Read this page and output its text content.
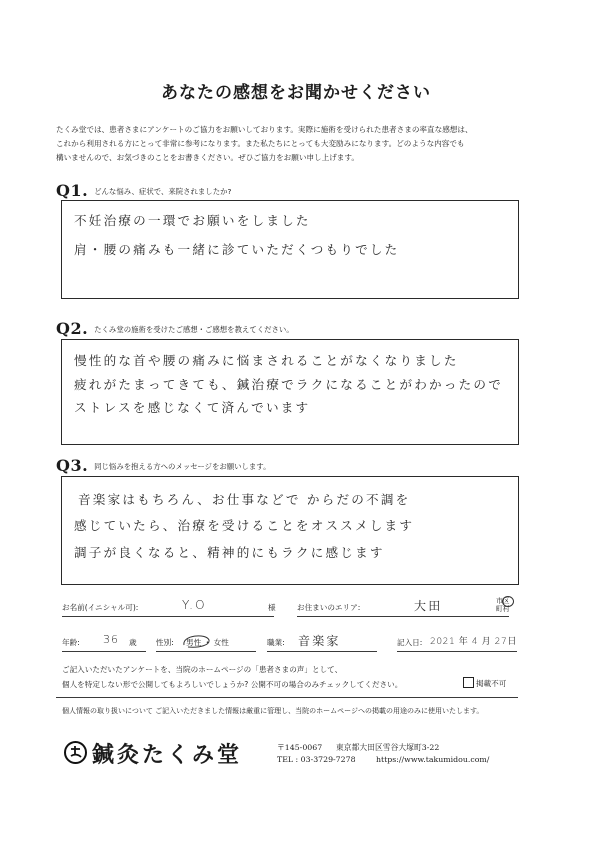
あなたの感想をお聞かせください
たくみ堂では、患者さまにアンケートのご協力をお願いしております。実際に施術を受けられた患者さまの率直な感想は、
これから利用される方にとって非常に参考になります。また私たちにとっても大変励みになります。どのような内容でも
構いませんので、お気づきのことをお書きください。ぜひご協力をお願い申し上げます。
Q1. どんな悩み、症状で、来院されましたか?
不妊治療の一環でお願いをしました
肩・腰の痛みも一緒に診ていただくつもりでした
Q2. たくみ堂の施術を受けたご感想・ご感想を教えてください。
慢性的な首や腰の痛みに悩まされることがなくなりました
疲れがたまってきても、鍼治療でラクになることがわかったので
ストレスを感じなくて済んでいます
Q3. 同じ悩みを抱える方へのメッセージをお願いします。
音楽家はもちろん、お仕事などで からだの不調を
感じていたら、治療を受けることをオススメします
調子が良くなると、精神的にもラクに感じます
お名前(イニシャル可):	Y.O	様	お住まいのエリア:	大田	市区
町村
年齢: 36 歳	性別: 男性 ・ 女性	職業: 音楽家	記入日: 2021 年 4 月 27日
ご記入いただいたアンケートを、当院のホームページの「患者さまの声」として、
個人を特定しない形で公開してもよろしいでしょうか? 公開不可の場合のみチェックしてください。	掲載不可
個人情報の取り扱いについて ご記入いただきました情報は厳重に管理し、当院のホームページへの掲載の用途のみに使用いたします。
鍼灸たくみ堂	〒145-0067 東京都大田区雪谷大塚町3-22
TEL : 03-3729-7278	https://www.takumidou.com/
